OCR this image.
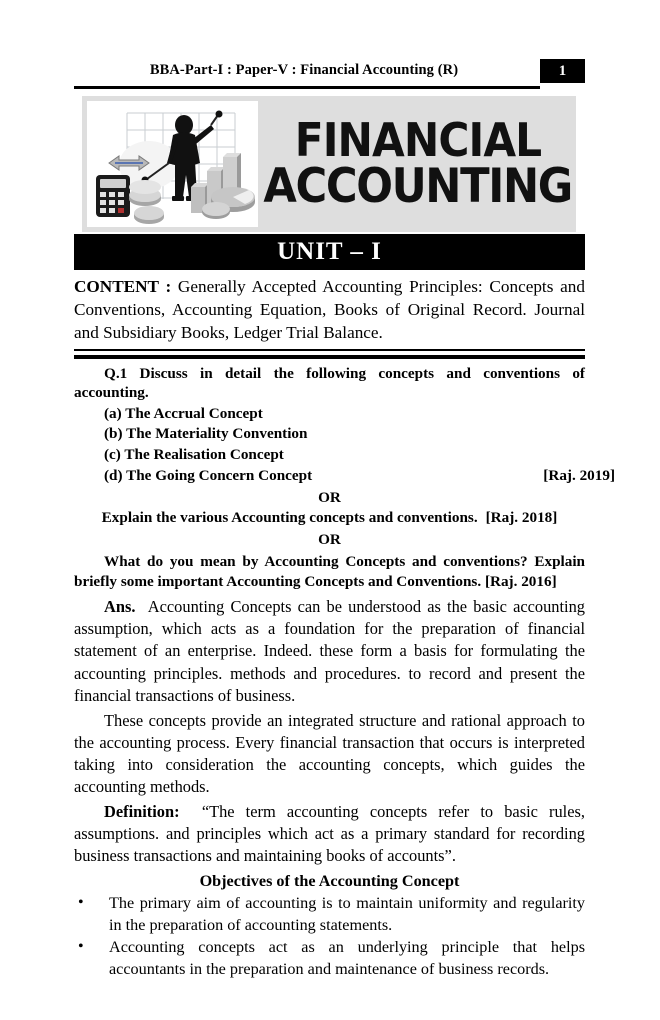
BBA-Part-I : Paper-V : Financial Accounting (R)	1
FINANCIAL
ACCOUNTING
UNIT – I
CONTENT : Generally Accepted Accounting Principles: Concepts and Conventions, Accounting Equation, Books of Original Record. Journal and Subsidiary Books, Ledger Trial Balance.

Q.1 Discuss in detail the following concepts and conventions of accounting.

(a) The Accrual Concept
(b) The Materiality Convention
(c) The Realisation Concept
(d) The Going Concern Concept	[Raj. 2019]
OR
Explain the various Accounting concepts and conventions. [Raj. 2018]
OR

What do you mean by Accounting Concepts and conventions? Explain briefly some important Accounting Concepts and Conventions. [Raj. 2016]

Ans. Accounting Concepts can be understood as the basic accounting assumption, which acts as a foundation for the preparation of financial statement of an enterprise. Indeed. these form a basis for formulating the accounting principles. methods and procedures. to record and present the financial transactions of business.

These concepts provide an integrated structure and rational approach to the accounting process. Every financial transaction that occurs is interpreted taking into consideration the accounting concepts, which guides the accounting methods.

Definition: “The term accounting concepts refer to basic rules, assumptions. and principles which act as a primary standard for recording business transactions and maintaining books of accounts”.

Objectives of the Accounting Concept
• The primary aim of accounting is to maintain uniformity and regularity in the preparation of accounting statements.
• Accounting concepts act as an underlying principle that helps accountants in the preparation and maintenance of business records.
